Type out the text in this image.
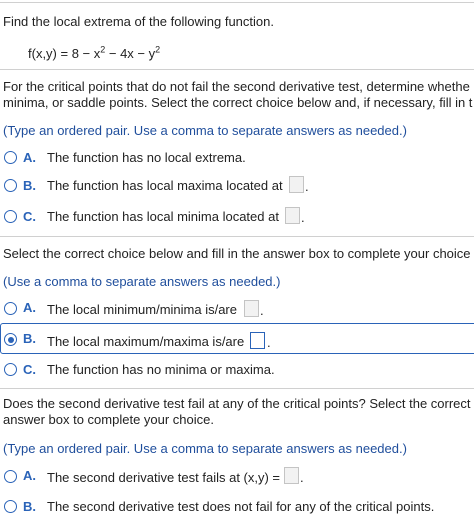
Find the local extrema of the following function.
$f(x,y) = 8 - x^2 - 4x - y^2$
For the critical points that do not fail the second derivative test, determine whethe
minima, or saddle points. Select the correct choice below and, if necessary, fill in t
(Type an ordered pair. Use a comma to separate answers as needed.)
A. The function has no local extrema.
B. The function has local maxima located at .
C. The function has local minima located at .
Select the correct choice below and fill in the answer box to complete your choice
(Use a comma to separate answers as needed.)
A. The local minimum/minima is/are .
B. The local maximum/maxima is/are .
C. The function has no minima or maxima.
Does the second derivative test fail at any of the critical points? Select the correct
answer box to complete your choice.
(Type an ordered pair. Use a comma to separate answers as needed.)
A. The second derivative test fails at (x,y) = .
B. The second derivative test does not fail for any of the critical points.
